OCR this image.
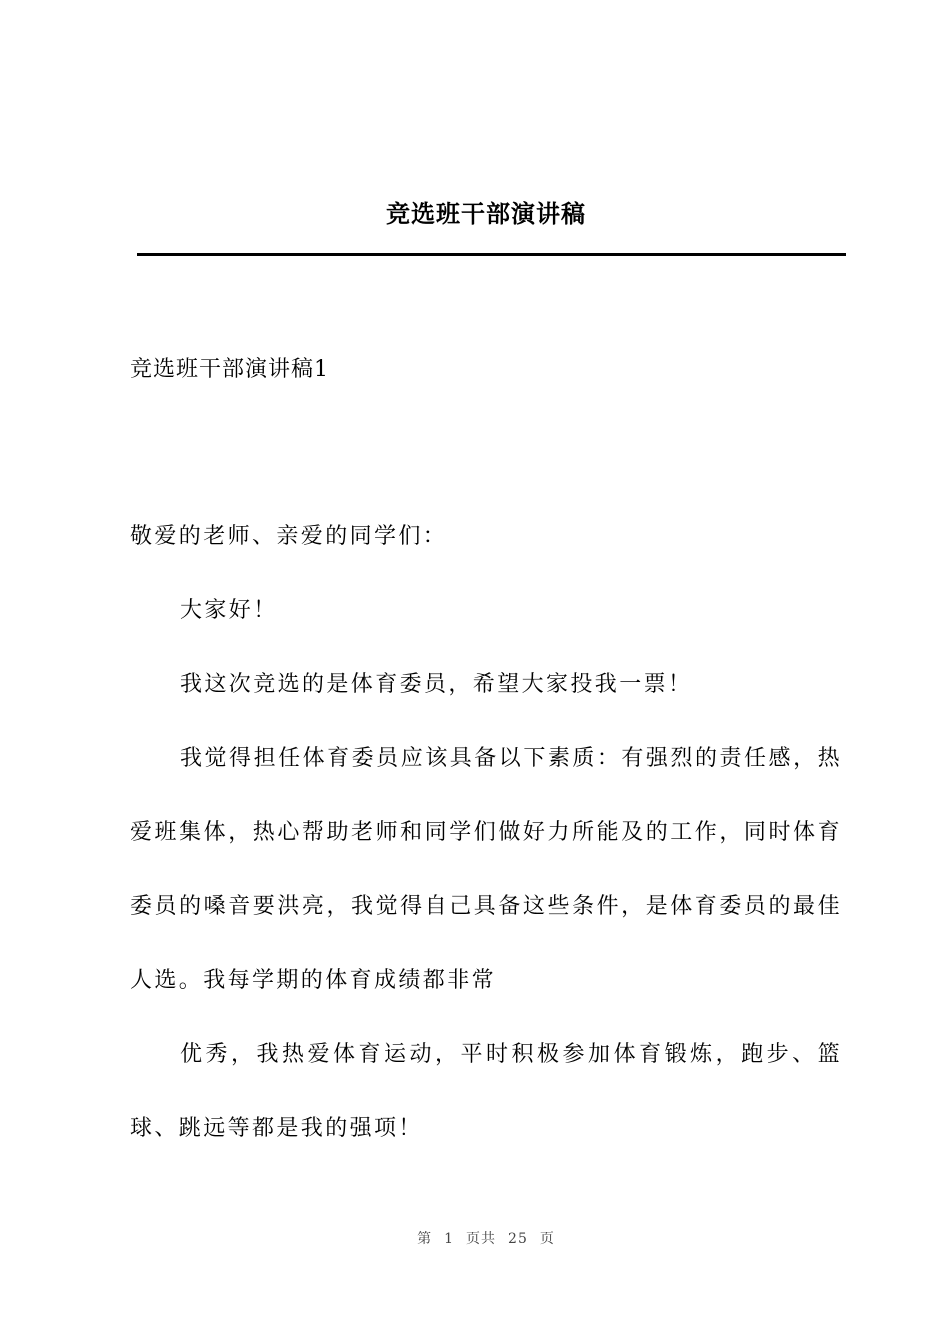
竞选班干部演讲稿
竞选班干部演讲稿1

敬爱的老师、亲爱的同学们：

大家好！

我这次竞选的是体育委员，希望大家投我一票！

我觉得担任体育委员应该具备以下素质：有强烈的责任感，热爱班集体，热心帮助老师和同学们做好力所能及的工作，同时体育委员的嗓音要洪亮，我觉得自己具备这些条件，是体育委员的最佳人选。我每学期的体育成绩都非常

优秀，我热爱体育运动，平时积极参加体育锻炼，跑步、篮球、跳远等都是我的强项！

第 1 页共 25 页
